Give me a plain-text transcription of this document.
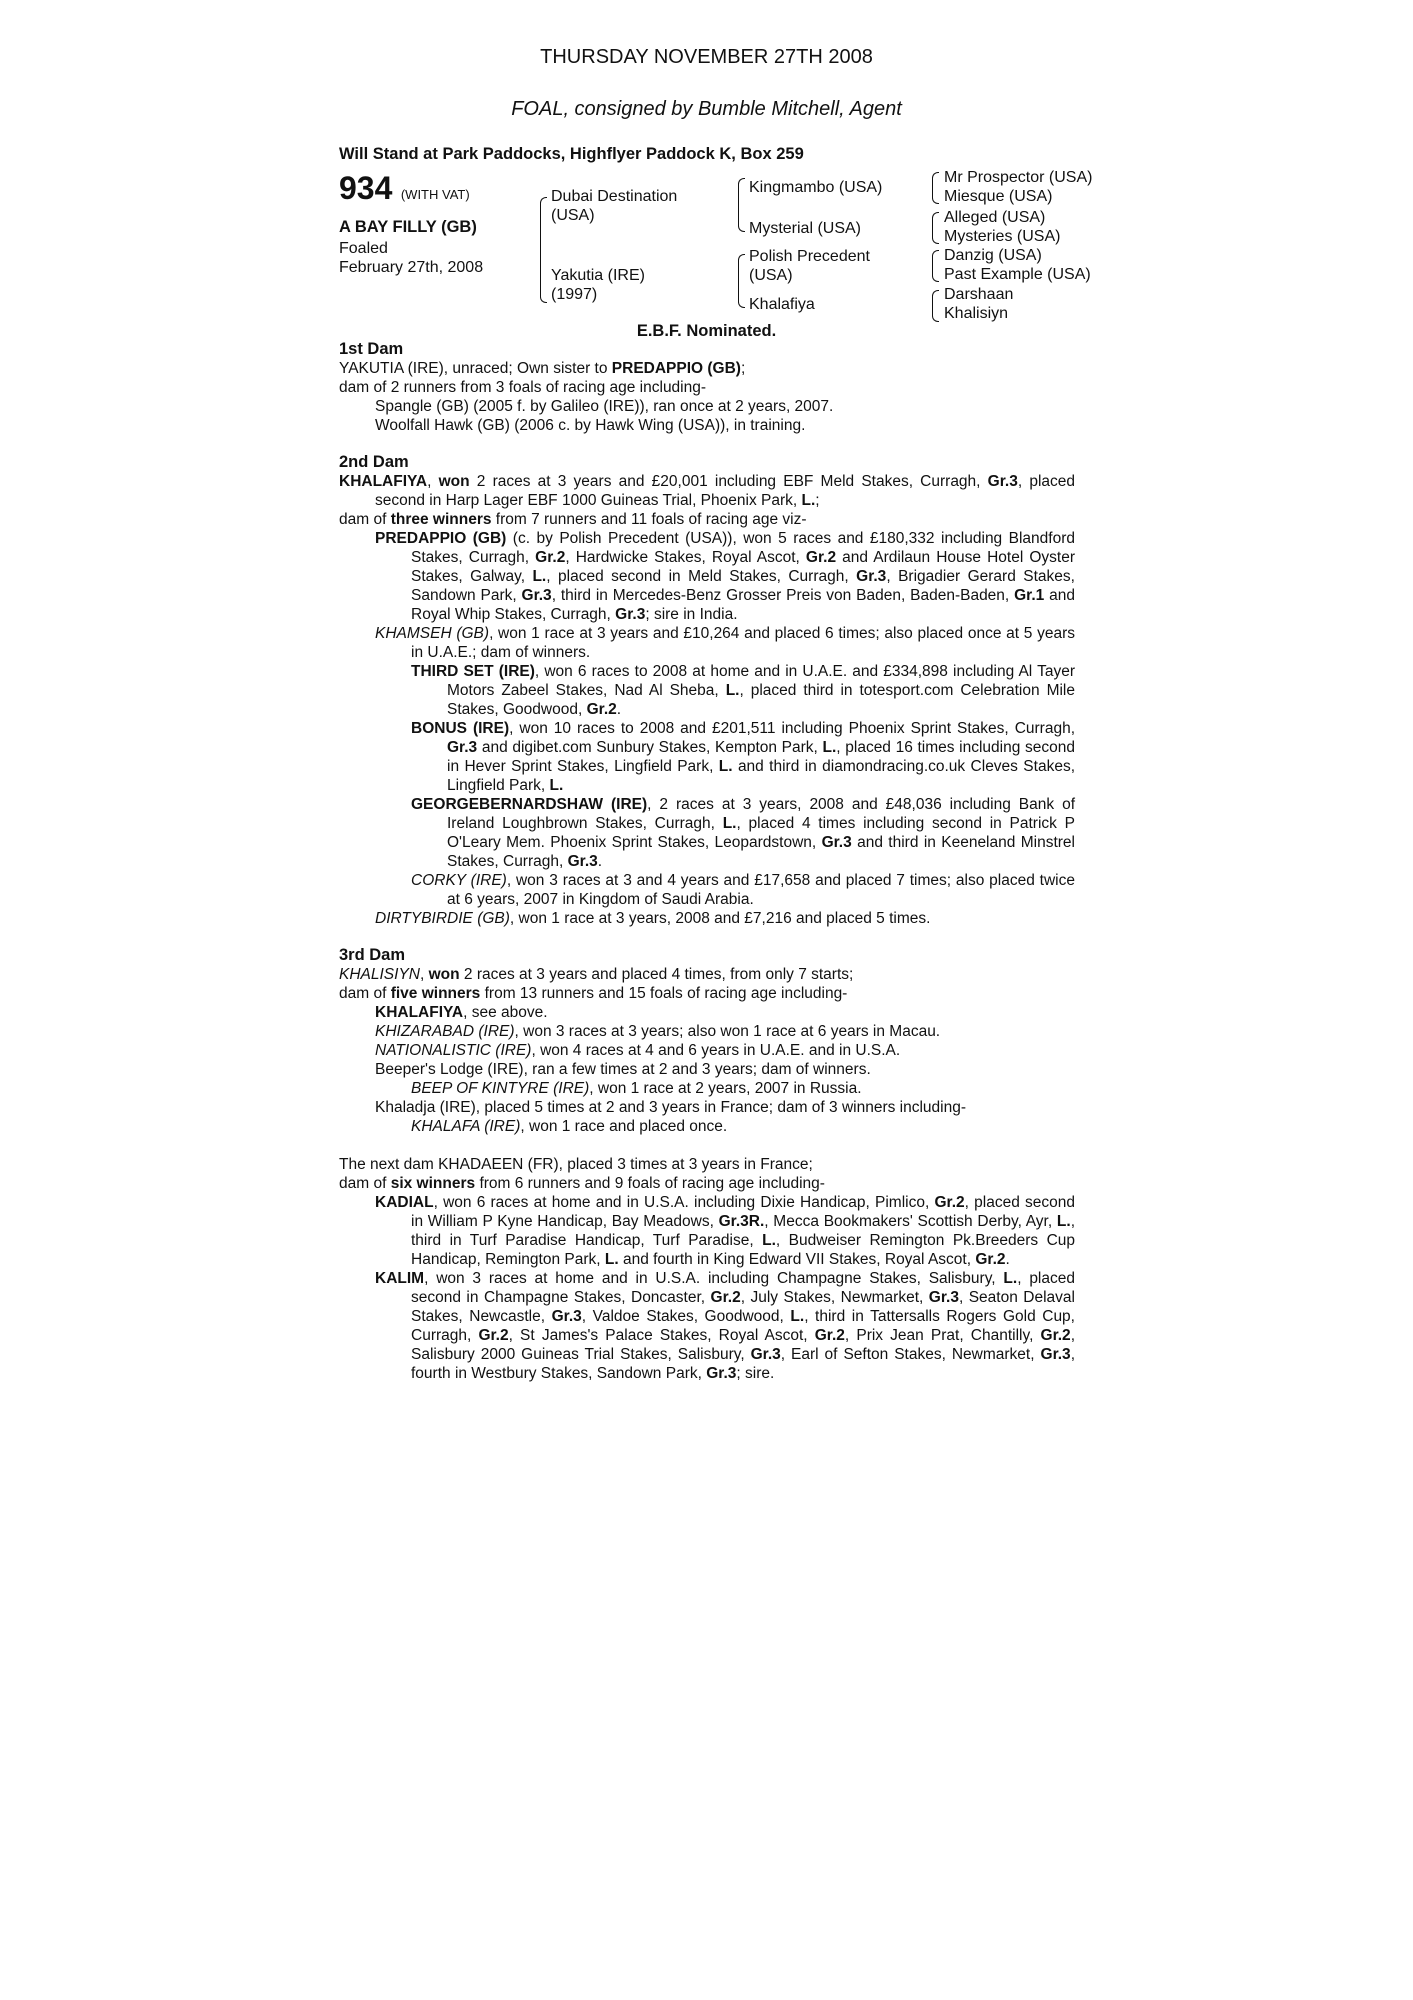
THURSDAY NOVEMBER 27TH 2008
FOAL, consigned by Bumble Mitchell, Agent
Will Stand at Park Paddocks, Highflyer Paddock K, Box 259
934 (WITH VAT)
A BAY FILLY (GB)
Foaled
February 27th, 2008
Dubai Destination
(USA)
Yakutia (IRE)
(1997)
Kingmambo (USA)
Mysterial (USA)
Polish Precedent
(USA)
Khalafiya
Mr Prospector (USA)
Miesque (USA)
Alleged (USA)
Mysteries (USA)
Danzig (USA)
Past Example (USA)
Darshaan
Khalisiyn
E.B.F. Nominated.
1st Dam

YAKUTIA (IRE), unraced; Own sister to PREDAPPIO (GB);

dam of 2 runners from 3 foals of racing age including-

Spangle (GB) (2005 f. by Galileo (IRE)), ran once at 2 years, 2007.

Woolfall Hawk (GB) (2006 c. by Hawk Wing (USA)), in training.

2nd Dam

KHALAFIYA, won 2 races at 3 years and £20,001 including EBF Meld Stakes, Curragh, Gr.3, placed second in Harp Lager EBF 1000 Guineas Trial, Phoenix Park, L.;

dam of three winners from 7 runners and 11 foals of racing age viz-

PREDAPPIO (GB) (c. by Polish Precedent (USA)), won 5 races and £180,332 including Blandford Stakes, Curragh, Gr.2, Hardwicke Stakes, Royal Ascot, Gr.2 and Ardilaun House Hotel Oyster Stakes, Galway, L., placed second in Meld Stakes, Curragh, Gr.3, Brigadier Gerard Stakes, Sandown Park, Gr.3, third in Mercedes-Benz Grosser Preis von Baden, Baden-Baden, Gr.1 and Royal Whip Stakes, Curragh, Gr.3; sire in India.

KHAMSEH (GB), won 1 race at 3 years and £10,264 and placed 6 times; also placed once at 5 years in U.A.E.; dam of winners.

THIRD SET (IRE), won 6 races to 2008 at home and in U.A.E. and £334,898 including Al Tayer Motors Zabeel Stakes, Nad Al Sheba, L., placed third in totesport.com Celebration Mile Stakes, Goodwood, Gr.2.

BONUS (IRE), won 10 races to 2008 and £201,511 including Phoenix Sprint Stakes, Curragh, Gr.3 and digibet.com Sunbury Stakes, Kempton Park, L., placed 16 times including second in Hever Sprint Stakes, Lingfield Park, L. and third in diamondracing.co.uk Cleves Stakes, Lingfield Park, L.

GEORGEBERNARDSHAW (IRE), 2 races at 3 years, 2008 and £48,036 including Bank of Ireland Loughbrown Stakes, Curragh, L., placed 4 times including second in Patrick P O'Leary Mem. Phoenix Sprint Stakes, Leopardstown, Gr.3 and third in Keeneland Minstrel Stakes, Curragh, Gr.3.

CORKY (IRE), won 3 races at 3 and 4 years and £17,658 and placed 7 times; also placed twice at 6 years, 2007 in Kingdom of Saudi Arabia.

DIRTYBIRDIE (GB), won 1 race at 3 years, 2008 and £7,216 and placed 5 times.

3rd Dam

KHALISIYN, won 2 races at 3 years and placed 4 times, from only 7 starts;

dam of five winners from 13 runners and 15 foals of racing age including-

KHALAFIYA, see above.

KHIZARABAD (IRE), won 3 races at 3 years; also won 1 race at 6 years in Macau.

NATIONALISTIC (IRE), won 4 races at 4 and 6 years in U.A.E. and in U.S.A.

Beeper's Lodge (IRE), ran a few times at 2 and 3 years; dam of winners.

BEEP OF KINTYRE (IRE), won 1 race at 2 years, 2007 in Russia.

Khaladja (IRE), placed 5 times at 2 and 3 years in France; dam of 3 winners including-

KHALAFA (IRE), won 1 race and placed once.

The next dam KHADAEEN (FR), placed 3 times at 3 years in France;

dam of six winners from 6 runners and 9 foals of racing age including-

KADIAL, won 6 races at home and in U.S.A. including Dixie Handicap, Pimlico, Gr.2, placed second in William P Kyne Handicap, Bay Meadows, Gr.3R., Mecca Bookmakers' Scottish Derby, Ayr, L., third in Turf Paradise Handicap, Turf Paradise, L., Budweiser Remington Pk.Breeders Cup Handicap, Remington Park, L. and fourth in King Edward VII Stakes, Royal Ascot, Gr.2.

KALIM, won 3 races at home and in U.S.A. including Champagne Stakes, Salisbury, L., placed second in Champagne Stakes, Doncaster, Gr.2, July Stakes, Newmarket, Gr.3, Seaton Delaval Stakes, Newcastle, Gr.3, Valdoe Stakes, Goodwood, L., third in Tattersalls Rogers Gold Cup, Curragh, Gr.2, St James's Palace Stakes, Royal Ascot, Gr.2, Prix Jean Prat, Chantilly, Gr.2, Salisbury 2000 Guineas Trial Stakes, Salisbury, Gr.3, Earl of Sefton Stakes, Newmarket, Gr.3, fourth in Westbury Stakes, Sandown Park, Gr.3; sire.
